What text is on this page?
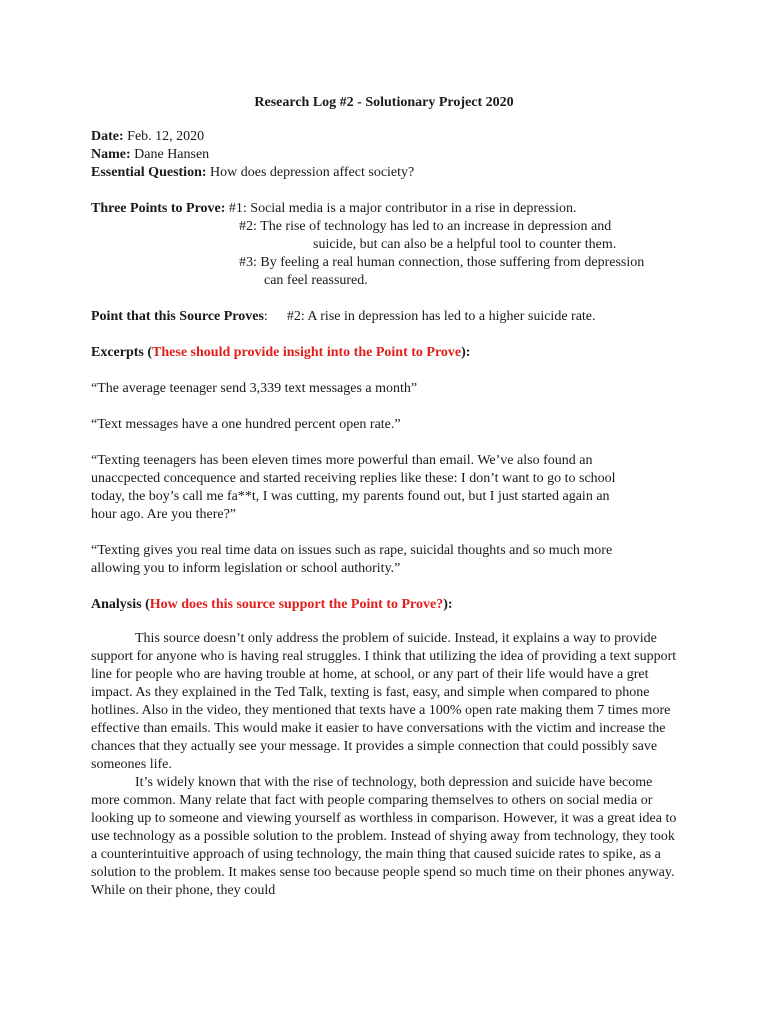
Research Log #2 - Solutionary Project 2020
Date: Feb. 12, 2020
Name: Dane Hansen
Essential Question: How does depression affect society?
Three Points to Prove: #1: Social media is a major contributor in a rise in depression.
#2: The rise of technology has led to an increase in depression and
suicide, but can also be a helpful tool to counter them.
#3: By feeling a real human connection, those suffering from depression
can feel reassured.
Point that this Source Proves: #2: A rise in depression has led to a higher suicide rate.
Excerpts (These should provide insight into the Point to Prove):
“The average teenager send 3,339 text messages a month”
“Text messages have a one hundred percent open rate.”
“Texting teenagers has been eleven times more powerful than email. We’ve also found an
unaccpected concequence and started receiving replies like these: I don’t want to go to school
today, the boy’s call me fa**t, I was cutting, my parents found out, but I just started again an
hour ago. Are you there?”
“Texting gives you real time data on issues such as rape, suicidal thoughts and so much more
allowing you to inform legislation or school authority.”
Analysis (How does this source support the Point to Prove?):

This source doesn’t only address the problem of suicide. Instead, it explains a way to provide support for anyone who is having real struggles. I think that utilizing the idea of providing a text support line for people who are having trouble at home, at school, or any part of their life would have a gret impact. As they explained in the Ted Talk, texting is fast, easy, and simple when compared to phone hotlines. Also in the video, they mentioned that texts have a 100% open rate making them 7 times more effective than emails. This would make it easier to have conversations with the victim and increase the chances that they actually see your message. It provides a simple connection that could possibly save someones life.

It’s widely known that with the rise of technology, both depression and suicide have become more common. Many relate that fact with people comparing themselves to others on social media or looking up to someone and viewing yourself as worthless in comparison. However, it was a great idea to use technology as a possible solution to the problem. Instead of shying away from technology, they took a counterintuitive approach of using technology, the main thing that caused suicide rates to spike, as a solution to the problem. It makes sense too because people spend so much time on their phones anyway. While on their phone, they could
